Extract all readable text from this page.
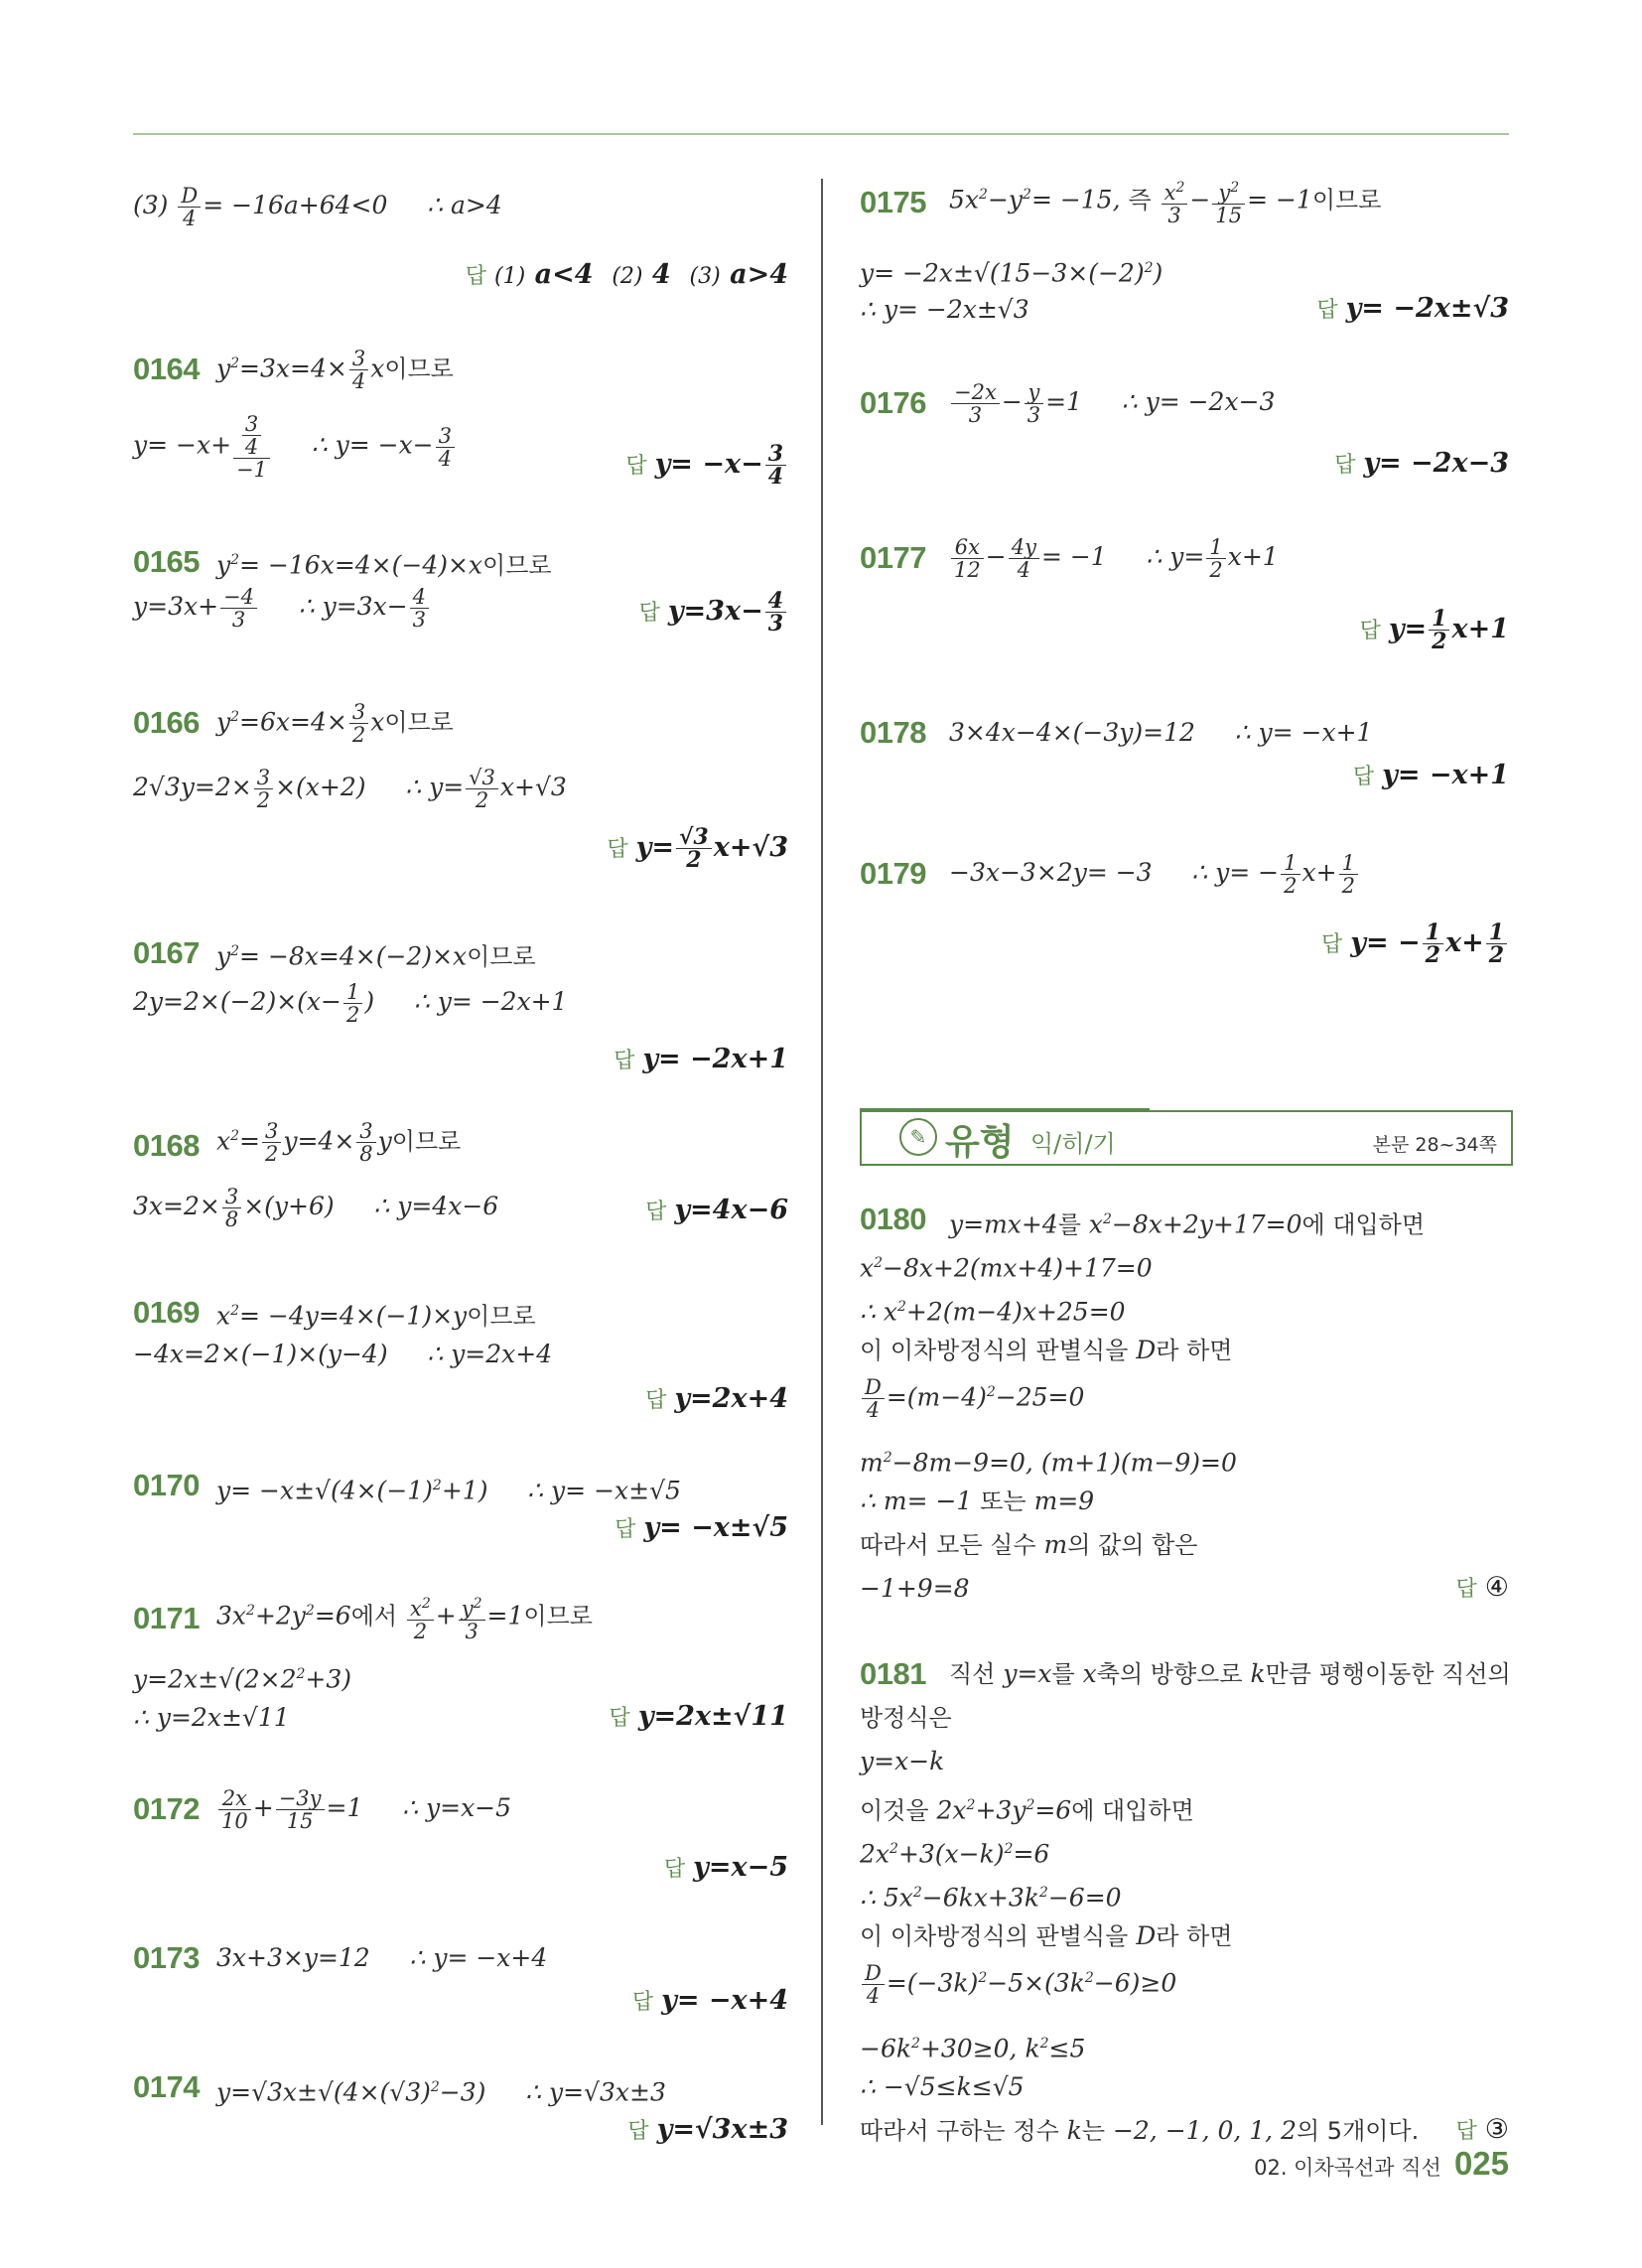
$(3) \frac{D}{4} = -16a+64<0$     ∴ a>4
답 (1) a<4  (2) 4  (3) a>4
0164 $y^2=3x=4\times \frac{3}{4}$ x이므로
$y= -x+ \frac{\frac{3}{4}}{-1}$ ∴ $y= -x- \frac{3}{4}$	답 $y= -x- \frac{3}{4}$
0165 $y^2= -16x=4\times(-4)\times x$이므로
$y=3x+ \frac{-4}{3}$ ∴ $y=3x- \frac{4}{3}$	답 $y=3x- \frac{4}{3}$
0166 $y^2=6x=4\times \frac{3}{2}$ x이므로
$2√3y=2\times \frac{3}{2} \times(x+2)$     ∴ $y= \frac{√3}{2} x+√3$
답 $y= \frac{√3}{2} x+√3$
0167 $y^2= -8x=4\times(-2)\times x$이므로
$2y=2\times(-2)\times(x- \frac{1}{2}$ )     ∴ y= −2x+1
답 y= −2x+1
0168 $x^2= \frac{3}{2} y=4\times \frac{3}{8}$ y이므로
$3x=2\times \frac{3}{8} \times(y+6)$     ∴ y=4x−6	답 y=4x−6
0169 $x^2= -4y=4\times(-1)\times y$이므로
−4x=2×(−1)×(y−4)     ∴ y=2x+4
답 y=2x+4
0170 $y= -x\pm√(4\times(-1)^2+1)$     ∴ y= −x±√5
답 y= −x±√5
0171 $3x^2+2y^2=6$에서 $\frac{x^2}{2} + \frac{y^2}{3} =1$이므로
$y=2x\pm√(2\times 2^2+3)$
∴ y=2x±√11	답 y=2x±√11
$0172 \frac{2x}{10} + \frac{-3y}{15} =1$     ∴ y=x−5
답 y=x−5
0173 3x+3×y=12     ∴ y= −x+4
답 y= −x+4
0174 $y=√3x\pm√(4\times(√3)^2-3)$     ∴ y=√3x±3
답 y=√3x±3
0175 $5x^2-y^2= -15$, 즉 $\frac{x^2}{3} - \frac{y^2}{15} = -1$이므로
$y= -2x\pm√(15-3\times(-2)^2)$
∴ y= −2x±√3	답 y= −2x±√3
$0176 \frac{-2x}{3} - \frac{y}{3} =1$     ∴ y= −2x−3
답 y= −2x−3
$0177 \frac{6x}{12} - \frac{4y}{4} = -1$     ∴ $y= \frac{1}{2} x+1$
답 $y= \frac{1}{2} x+1$
0178 3×4x−4×(−3y)=12     ∴ y= −x+1
답 y= −x+1
0179 −3x−3×2y= −3     ∴ $y= - \frac{1}{2} x+ \frac{1}{2}$
답 $y= - \frac{1}{2} x+ \frac{1}{2}$
✎ 유형 익/히/기	본문 28~34쪽
0180 y=mx+4를 $x^2-8x+2y+17=0$에 대입하면
$x^2-8x+2(mx+4)+17=0$
∴ $x^2+2(m-4)x+25=0$
이 이차방정식의 판별식을 D라 하면
$\frac{D}{4} =(m-4)^2-25=0$
$m^2-8m-9=0$, (m+1)(m−9)=0
∴ m= −1 또는 m=9
따라서 모든 실수 m의 값의 합은
−1+9=8	답 ④
0181 직선 y=x를 x축의 방향으로 k만큼 평행이동한 직선의
방정식은
y=x−k
이것을 $2x^2+3y^2=6$에 대입하면
$2x^2+3(x-k)^2=6$
∴ $5x^2-6kx+3k^2-6=0$
이 이차방정식의 판별식을 D라 하면
$\frac{D}{4} =(-3k)^2-5\times(3k^2-6)\ge 0$
$-6k^2+30\ge 0$, $k^2\le 5$
∴ −√5≤k≤√5
따라서 구하는 정수 k는 −2, −1, 0, 1, 2의 5개이다. 답 ③
02. 이차곡선과 직선 025
